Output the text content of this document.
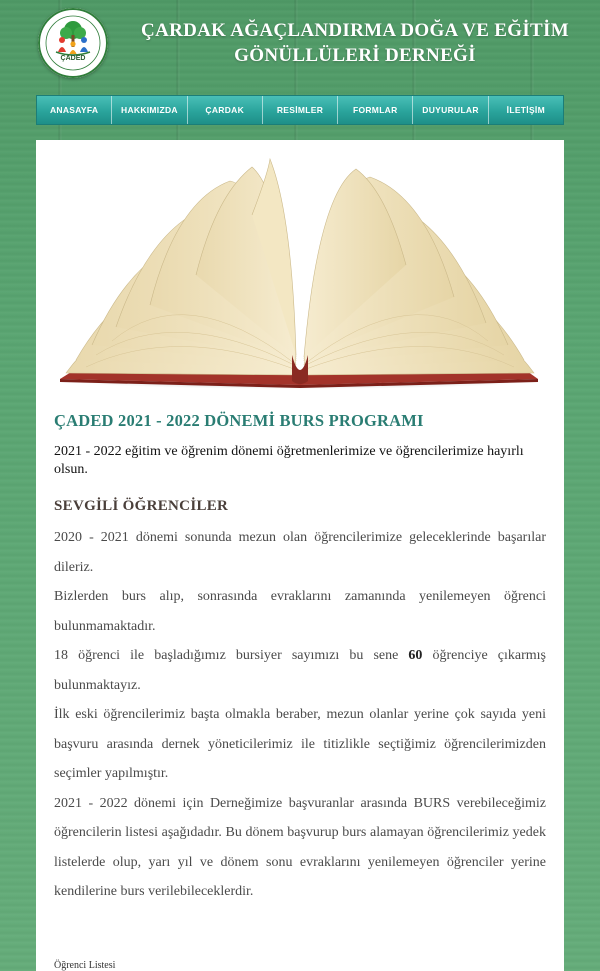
ÇADED
ÇARDAK AĞAÇLANDIRMA DOĞA VE EĞİTİM
GÖNÜLLÜLERİ DERNEĞİ
ANASAYFA	HAKKIMIZDA	ÇARDAK	RESİMLER	FORMLAR	DUYURULAR	İLETİŞİM
ÇADED 2021 - 2022 DÖNEMİ BURS PROGRAMI

2021 - 2022 eğitim ve öğrenim dönemi öğretmenlerimize ve öğrencilerimize hayırlı olsun.

SEVGİLİ ÖĞRENCİLER

2020 - 2021 dönemi sonunda mezun olan öğrencilerimize geleceklerinde başarılar dileriz.

Bizlerden burs alıp, sonrasında evraklarını zamanında yenilemeyen öğrenci bulunmamaktadır.

18 öğrenci ile başladığımız bursiyer sayımızı bu sene 60 öğrenciye çıkarmış bulunmaktayız.

İlk eski öğrencilerimiz başta olmakla beraber, mezun olanlar yerine çok sayıda yeni başvuru arasında dernek yöneticilerimiz ile titizlikle seçtiğimiz öğrencilerimizden seçimler yapılmıştır.

2021 - 2022 dönemi için Derneğimize başvuranlar arasında BURS verebileceğimiz öğrencilerin listesi aşağıdadır. Bu dönem başvurup burs alamayan öğrencilerimiz yedek listelerde olup, yarı yıl ve dönem sonu evraklarını yenilemeyen öğrenciler yerine kendilerine burs verilebileceklerdir.

Öğrenci Listesi
